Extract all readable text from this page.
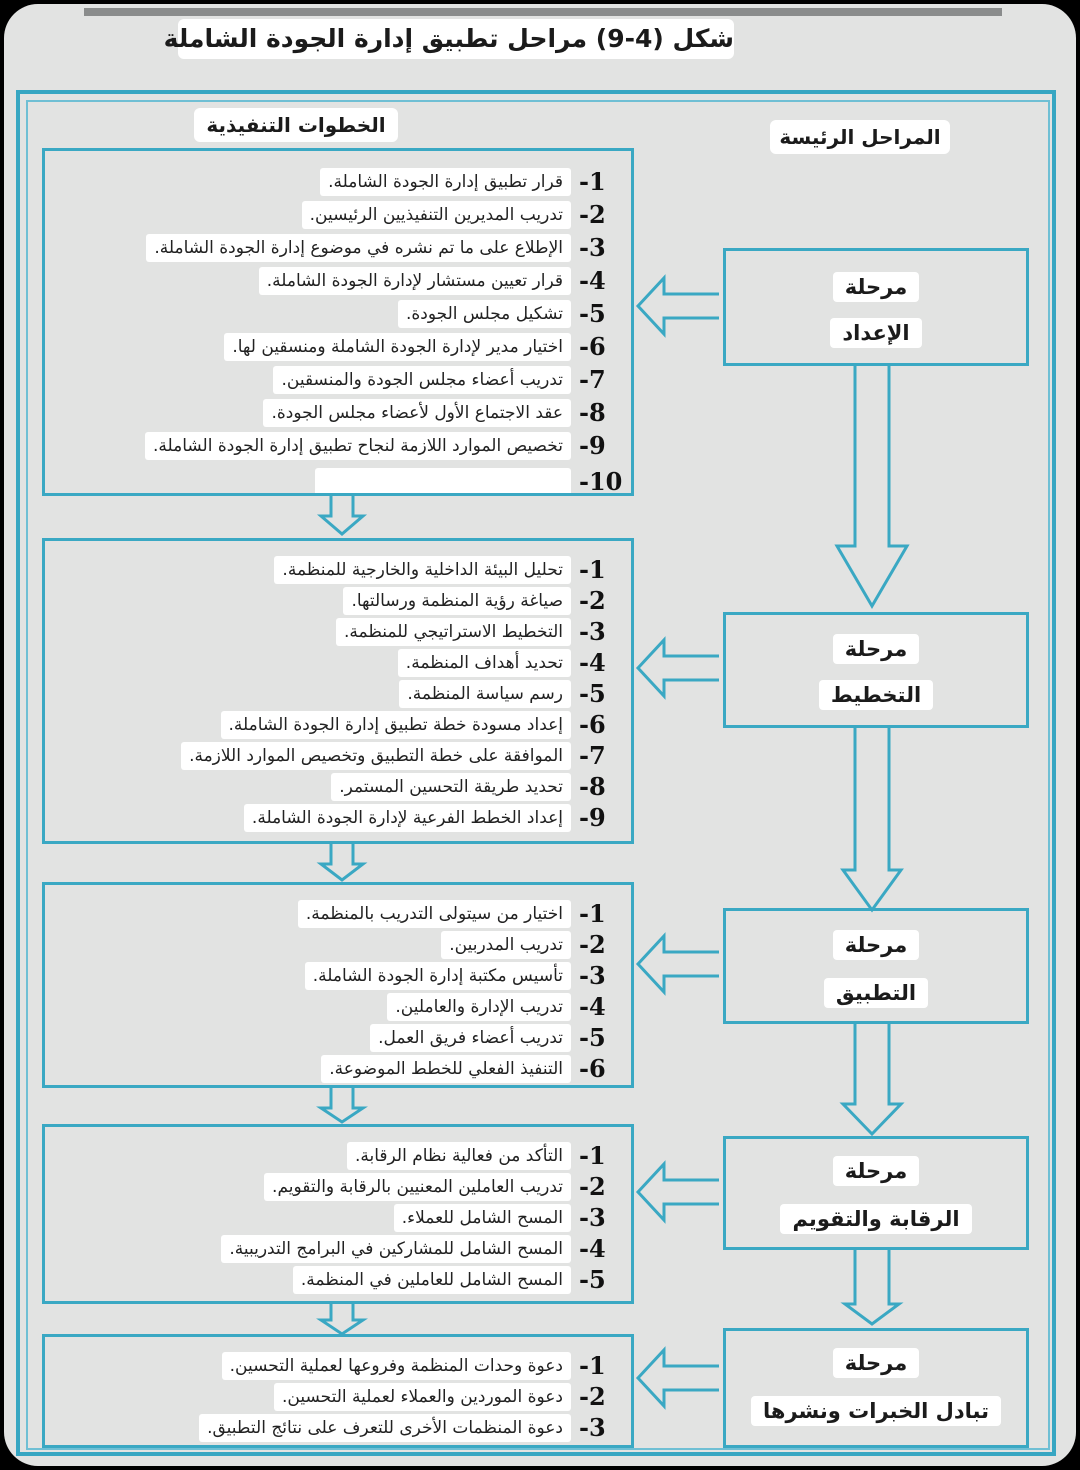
شكل (4-9) مراحل تطبيق إدارة الجودة الشاملة
الخطوات التنفيذية	المراحل الرئيسة
مرحلة
الإعداد
مرحلة
التخطيط
مرحلة
التطبيق
مرحلة
الرقابة والتقويم
مرحلة
تبادل الخبرات ونشرها
-1
قرار تطبيق إدارة الجودة الشاملة.
-2
تدريب المديرين التنفيذيين الرئيسين.
-3
الإطلاع على ما تم نشره في موضوع إدارة الجودة الشاملة.
-4
قرار تعيين مستشار لإدارة الجودة الشاملة.
-5
تشكيل مجلس الجودة.
-6
اختيار مدير لإدارة الجودة الشاملة ومنسقين لها.
-7
تدريب أعضاء مجلس الجودة والمنسقين.
-8
عقد الاجتماع الأول لأعضاء مجلس الجودة.
-9
تخصيص الموارد اللازمة لنجاح تطبيق إدارة الجودة الشاملة.
-10
-1
تحليل البيئة الداخلية والخارجية للمنظمة.
-2
صياغة رؤية المنظمة ورسالتها.
-3
التخطيط الاستراتيجي للمنظمة.
-4
تحديد أهداف المنظمة.
-5
رسم سياسة المنظمة.
-6
إعداد مسودة خطة تطبيق إدارة الجودة الشاملة.
-7
الموافقة على خطة التطبيق وتخصيص الموارد اللازمة.
-8
تحديد طريقة التحسين المستمر.
-9
إعداد الخطط الفرعية لإدارة الجودة الشاملة.
-1
اختيار من سيتولى التدريب بالمنظمة.
-2
تدريب المدربين.
-3
تأسيس مكتبة إدارة الجودة الشاملة.
-4
تدريب الإدارة والعاملين.
-5
تدريب أعضاء فريق العمل.
-6
التنفيذ الفعلي للخطط الموضوعة.
-1
التأكد من فعالية نظام الرقابة.
-2
تدريب العاملين المعنيين بالرقابة والتقويم.
-3
المسح الشامل للعملاء.
-4
المسح الشامل للمشاركين في البرامج التدريبية.
-5
المسح الشامل للعاملين في المنظمة.
-1
دعوة وحدات المنظمة وفروعها لعملية التحسين.
-2
دعوة الموردين والعملاء لعملية التحسين.
-3
دعوة المنظمات الأخرى للتعرف على نتائج التطبيق.
